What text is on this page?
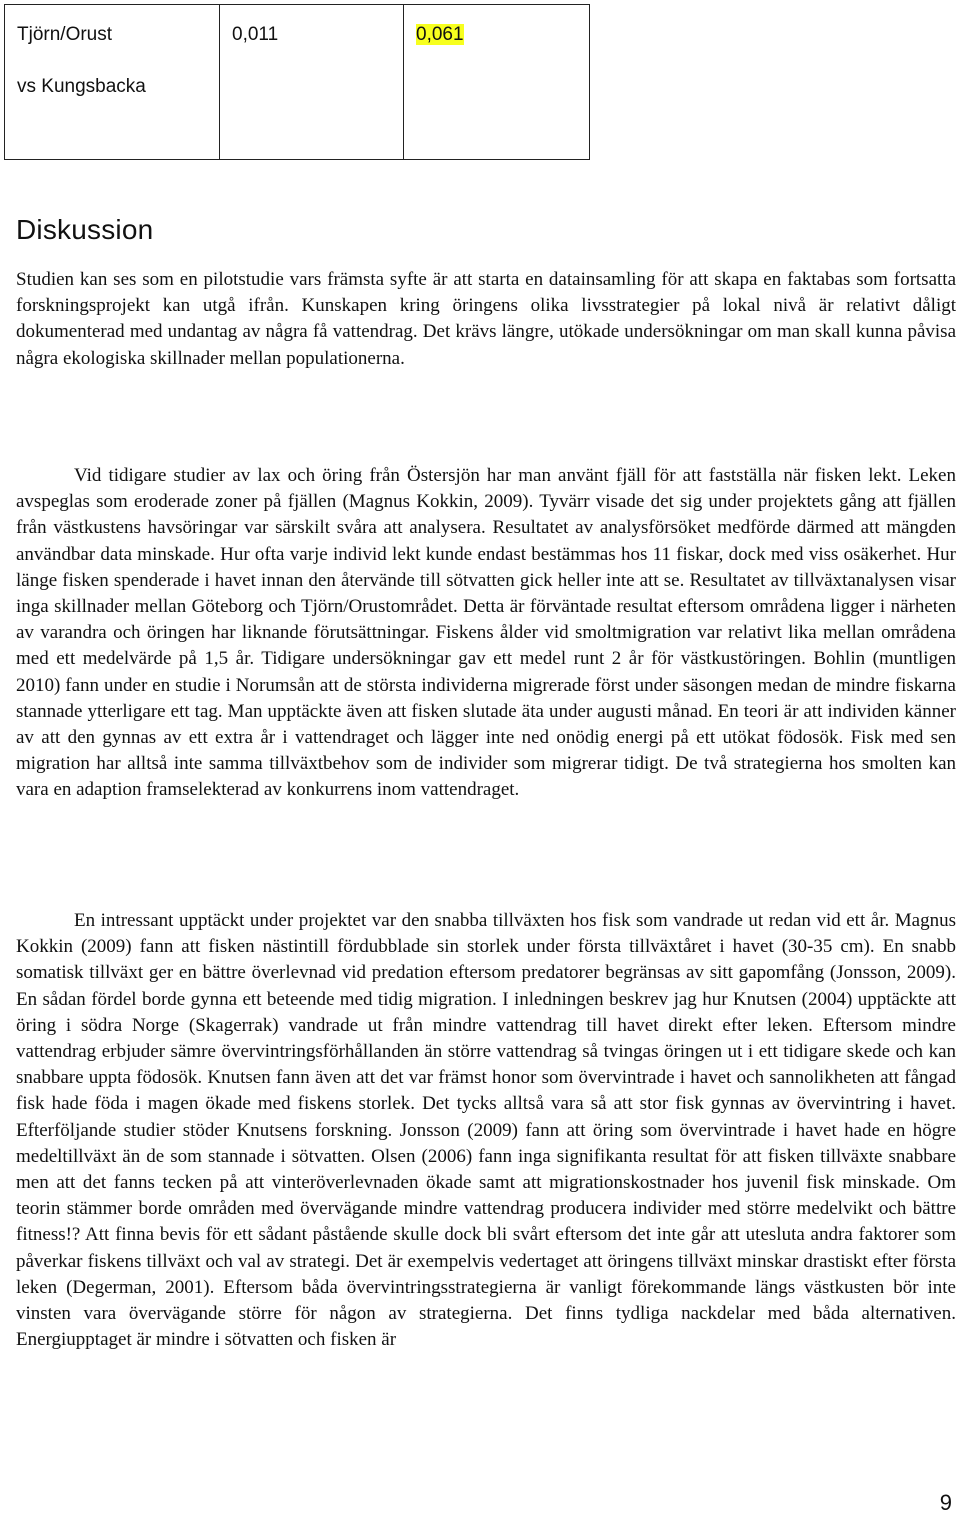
Tjörn/Orust
vs Kungsbacka
	0,011	0,061
Diskussion

Studien kan ses som en pilotstudie vars främsta syfte är att starta en datainsamling för att skapa en faktabas som fortsatta forskningsprojekt kan utgå ifrån. Kunskapen kring öringens olika livsstrategier på lokal nivå är relativt dåligt dokumenterad med undantag av några få vattendrag. Det krävs längre, utökade undersökningar om man skall kunna påvisa några ekologiska skillnader mellan populationerna.

Vid tidigare studier av lax och öring från Östersjön har man använt fjäll för att fastställa när fisken lekt. Leken avspeglas som eroderade zoner på fjällen (Magnus Kokkin, 2009). Tyvärr visade det sig under projektets gång att fjällen från västkustens havsöringar var särskilt svåra att analysera. Resultatet av analysförsöket medförde därmed att mängden användbar data minskade. Hur ofta varje individ lekt kunde endast bestämmas hos 11 fiskar, dock med viss osäkerhet. Hur länge fisken spenderade i havet innan den återvände till sötvatten gick heller inte att se. Resultatet av tillväxtanalysen visar inga skillnader mellan Göteborg och Tjörn/Orustområdet. Detta är förväntade resultat eftersom områdena ligger i närheten av varandra och öringen har liknande förutsättningar. Fiskens ålder vid smoltmigration var relativt lika mellan områdena med ett medelvärde på 1,5 år. Tidigare undersökningar gav ett medel runt 2 år för västkustöringen. Bohlin (muntligen 2010) fann under en studie i Norumsån att de största individerna migrerade först under säsongen medan de mindre fiskarna stannade ytterligare ett tag. Man upptäckte även att fisken slutade äta under augusti månad. En teori är att individen känner av att den gynnas av ett extra år i vattendraget och lägger inte ned onödig energi på ett utökat födosök. Fisk med sen migration har alltså inte samma tillväxtbehov som de individer som migrerar tidigt. De två strategierna hos smolten kan vara en adaption framselekterad av konkurrens inom vattendraget.

En intressant upptäckt under projektet var den snabba tillväxten hos fisk som vandrade ut redan vid ett år. Magnus Kokkin (2009) fann att fisken nästintill fördubblade sin storlek under första tillväxtåret i havet (30-35 cm). En snabb somatisk tillväxt ger en bättre överlevnad vid predation eftersom predatorer begränsas av sitt gapomfång (Jonsson, 2009). En sådan fördel borde gynna ett beteende med tidig migration. I inledningen beskrev jag hur Knutsen (2004) upptäckte att öring i södra Norge (Skagerrak) vandrade ut från mindre vattendrag till havet direkt efter leken. Eftersom mindre vattendrag erbjuder sämre övervintringsförhållanden än större vattendrag så tvingas öringen ut i ett tidigare skede och kan snabbare uppta födosök. Knutsen fann även att det var främst honor som övervintrade i havet och sannolikheten att fångad fisk hade föda i magen ökade med fiskens storlek. Det tycks alltså vara så att stor fisk gynnas av övervintring i havet. Efterföljande studier stöder Knutsens forskning. Jonsson (2009) fann att öring som övervintrade i havet hade en högre medeltillväxt än de som stannade i sötvatten. Olsen (2006) fann inga signifikanta resultat för att fisken tillväxte snabbare men att det fanns tecken på att vinteröverlevnaden ökade samt att migrationskostnader hos juvenil fisk minskade. Om teorin stämmer borde områden med övervägande mindre vattendrag producera individer med större medelvikt och bättre fitness!? Att finna bevis för ett sådant påstående skulle dock bli svårt eftersom det inte går att utesluta andra faktorer som påverkar fiskens tillväxt och val av strategi. Det är exempelvis vedertaget att öringens tillväxt minskar drastiskt efter första leken (Degerman, 2001). Eftersom båda övervintringsstrategierna är vanligt förekommande längs västkusten bör inte vinsten vara övervägande större för någon av strategierna. Det finns tydliga nackdelar med båda alternativen. Energiupptaget är mindre i sötvatten och fisken är

9
